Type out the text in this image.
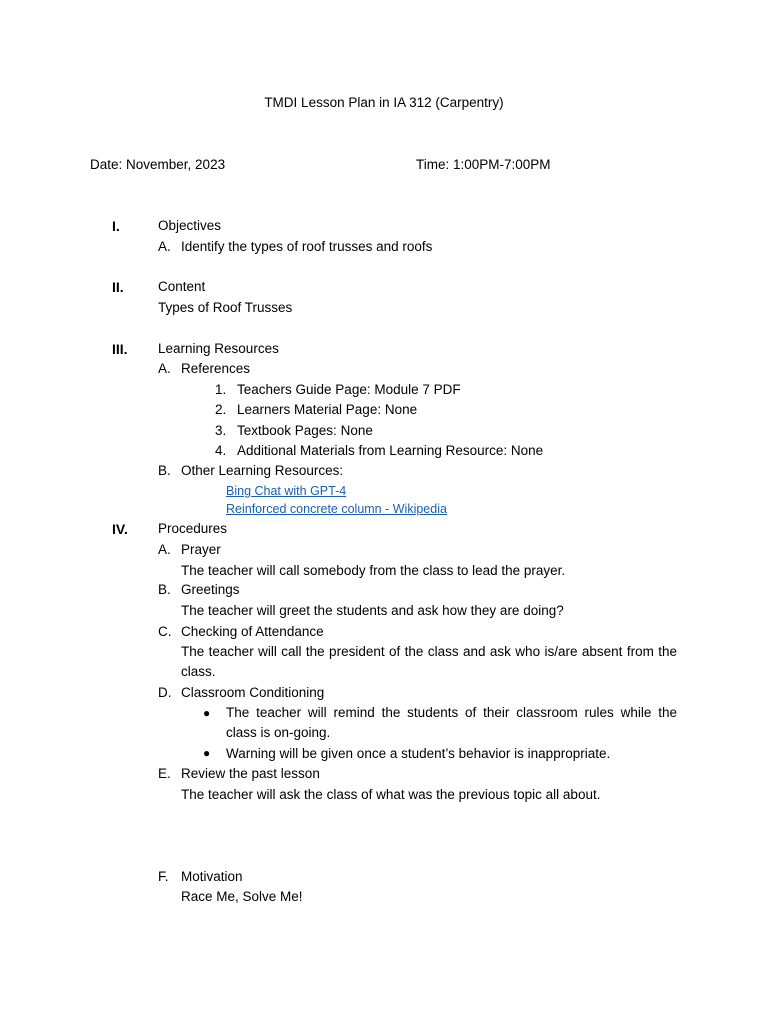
TMDI Lesson Plan in IA 312 (Carpentry)
Date: November, 2023	Time: 1:00PM-7:00PM
I.	Objectives
A. Identify the types of roof trusses and roofs
II.	Content
Types of Roof Trusses
III. Learning Resources
A. References
1. Teachers Guide Page: Module 7 PDF
2. Learners Material Page: None
3. Textbook Pages: None
4. Additional Materials from Learning Resource: None
B. Other Learning Resources:
Bing Chat with GPT-4
Reinforced concrete column - Wikipedia
IV. Procedures
A. Prayer
The teacher will call somebody from the class to lead the prayer.
B. Greetings
The teacher will greet the students and ask how they are doing?
C. Checking of Attendance
The teacher will call the president of the class and ask who is/are absent from the class.
D. Classroom Conditioning
● The teacher will remind the students of their classroom rules while the class is on-going.
● Warning will be given once a student’s behavior is inappropriate.
E. Review the past lesson
The teacher will ask the class of what was the previous topic all about.
F. Motivation
Race Me, Solve Me!
